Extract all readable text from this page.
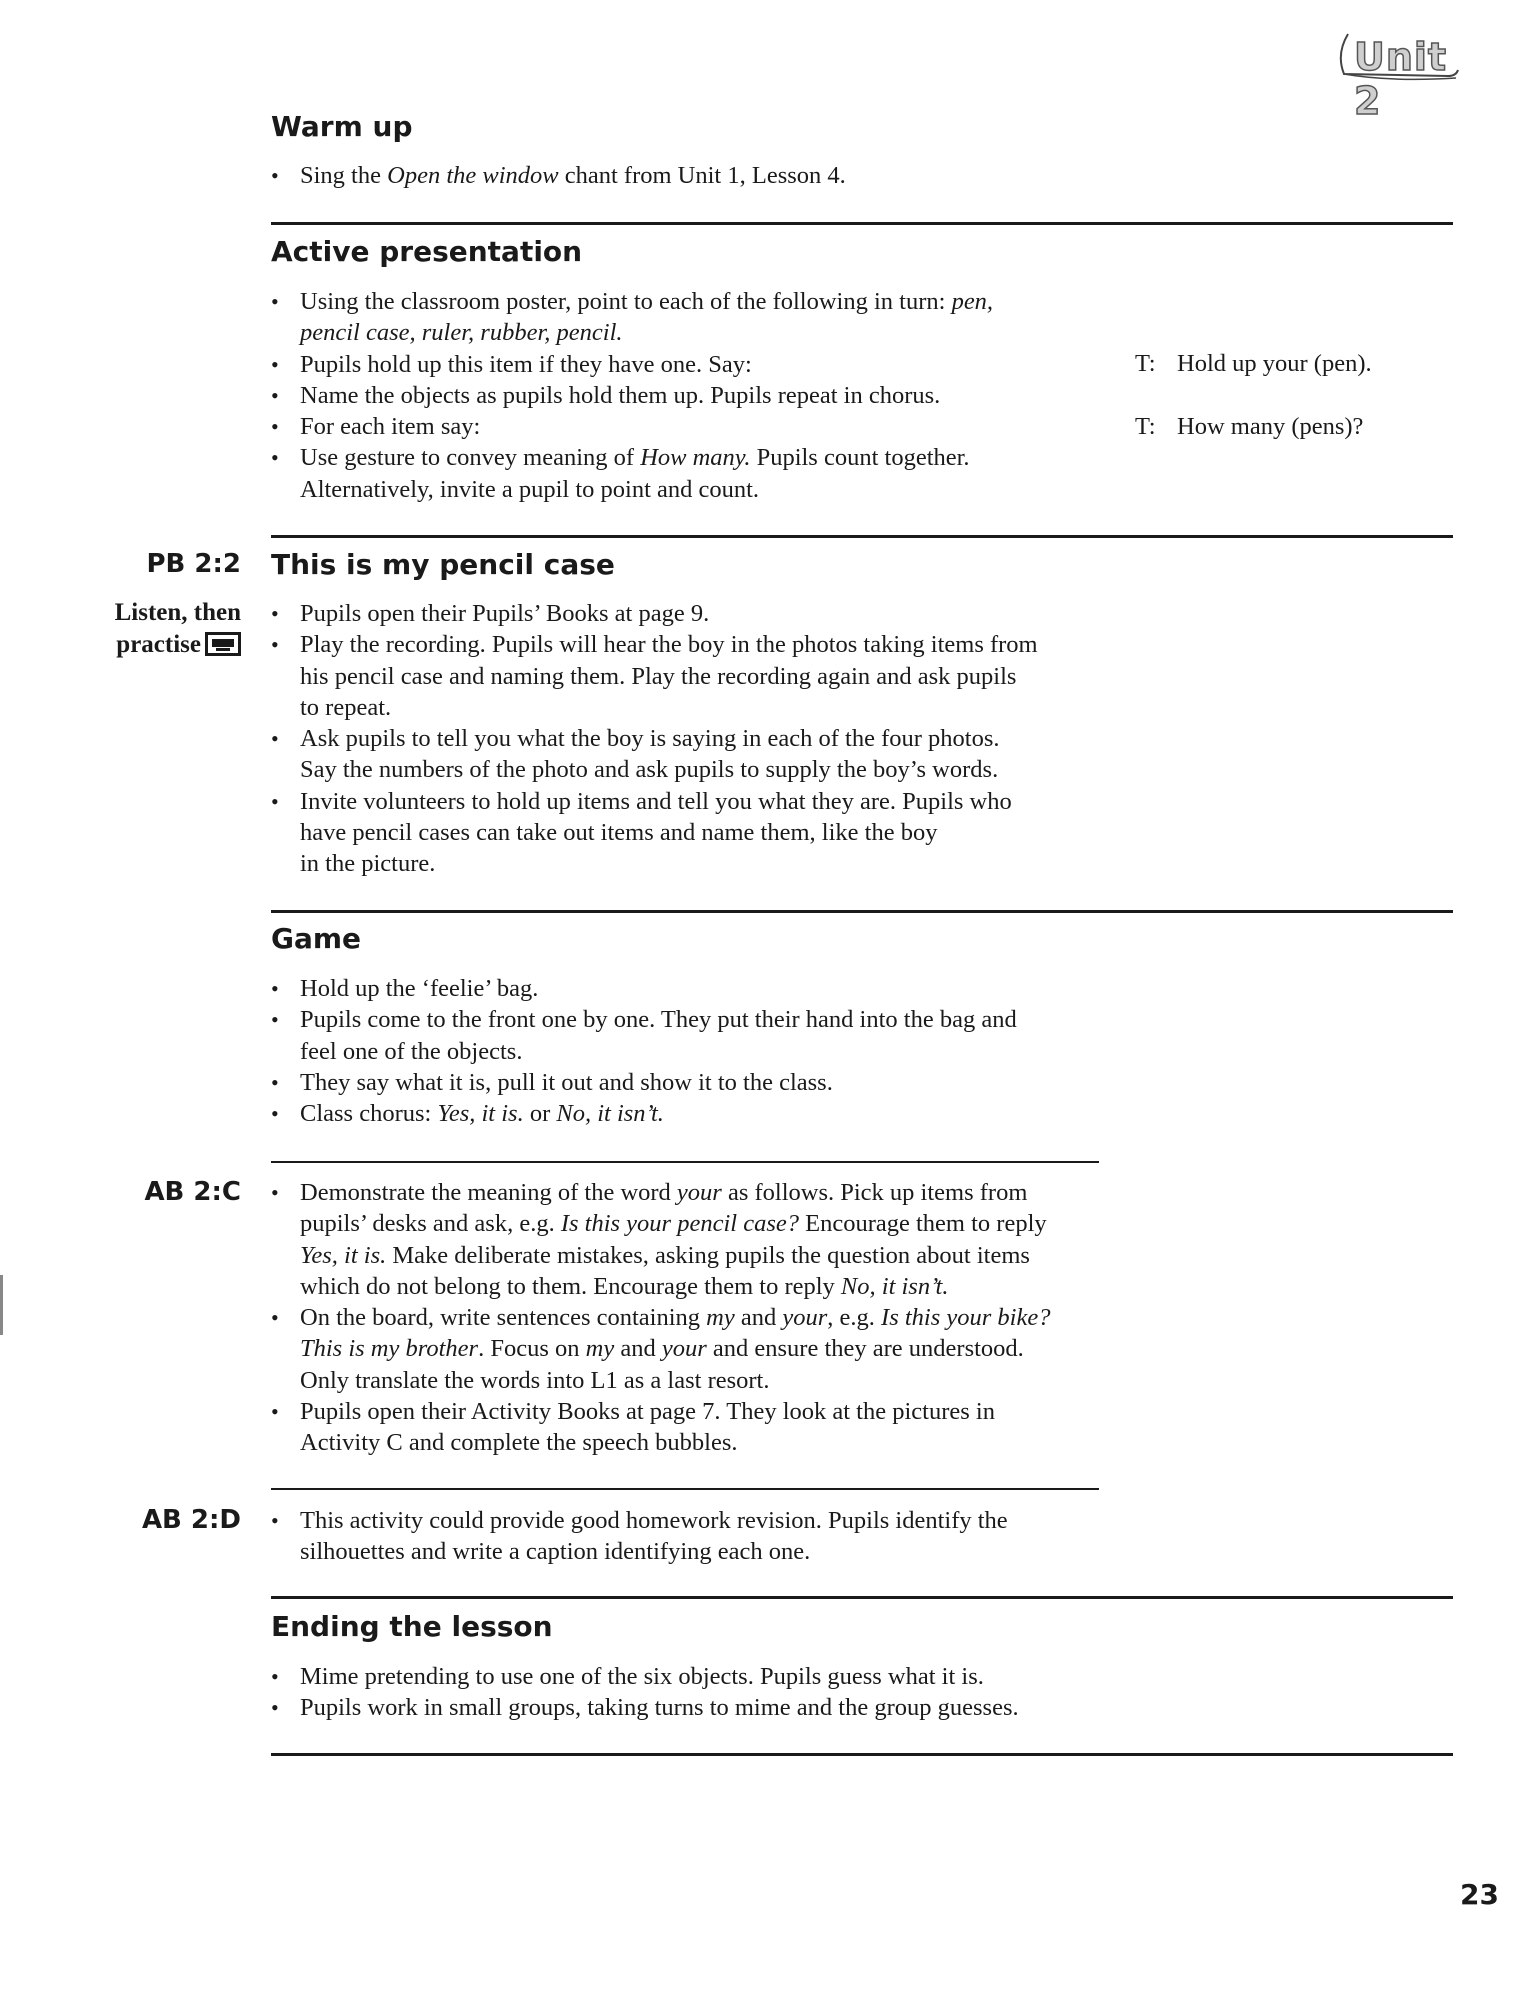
Unit 2
Warm up
• Sing the Open the window chant from Unit 1, Lesson 4.
Active presentation
• Using the classroom poster, point to each of the following in turn: pen,
pencil case, ruler, rubber, pencil.
• Pupils hold up this item if they have one. Say:
• Name the objects as pupils hold them up. Pupils repeat in chorus.
• For each item say:
• Use gesture to convey meaning of How many. Pupils count together.
Alternatively, invite a pupil to point and count.
T: Hold up your (pen).
T: How many (pens)?
PB 2:2 This is my pencil case
Listen, then
practise
• Pupils open their Pupils’ Books at page 9.
• Play the recording. Pupils will hear the boy in the photos taking items from
his pencil case and naming them. Play the recording again and ask pupils
to repeat.
• Ask pupils to tell you what the boy is saying in each of the four photos.
Say the numbers of the photo and ask pupils to supply the boy’s words.
• Invite volunteers to hold up items and tell you what they are. Pupils who
have pencil cases can take out items and name them, like the boy
in the picture.
Game
• Hold up the ‘feelie’ bag.
• Pupils come to the front one by one. They put their hand into the bag and
feel one of the objects.
• They say what it is, pull it out and show it to the class.
• Class chorus: Yes, it is. or No, it isn’t.
AB 2:C	• Demonstrate the meaning of the word your as follows. Pick up items from
pupils’ desks and ask, e.g. Is this your pencil case? Encourage them to reply
Yes, it is. Make deliberate mistakes, asking pupils the question about items
which do not belong to them. Encourage them to reply No, it isn’t.
• On the board, write sentences containing my and your, e.g. Is this your bike?
This is my brother. Focus on my and your and ensure they are understood.
Only translate the words into L1 as a last resort.
• Pupils open their Activity Books at page 7. They look at the pictures in
Activity C and complete the speech bubbles.
AB 2:D	• This activity could provide good homework revision. Pupils identify the
silhouettes and write a caption identifying each one.
Ending the lesson
• Mime pretending to use one of the six objects. Pupils guess what it is.
• Pupils work in small groups, taking turns to mime and the group guesses.
23
